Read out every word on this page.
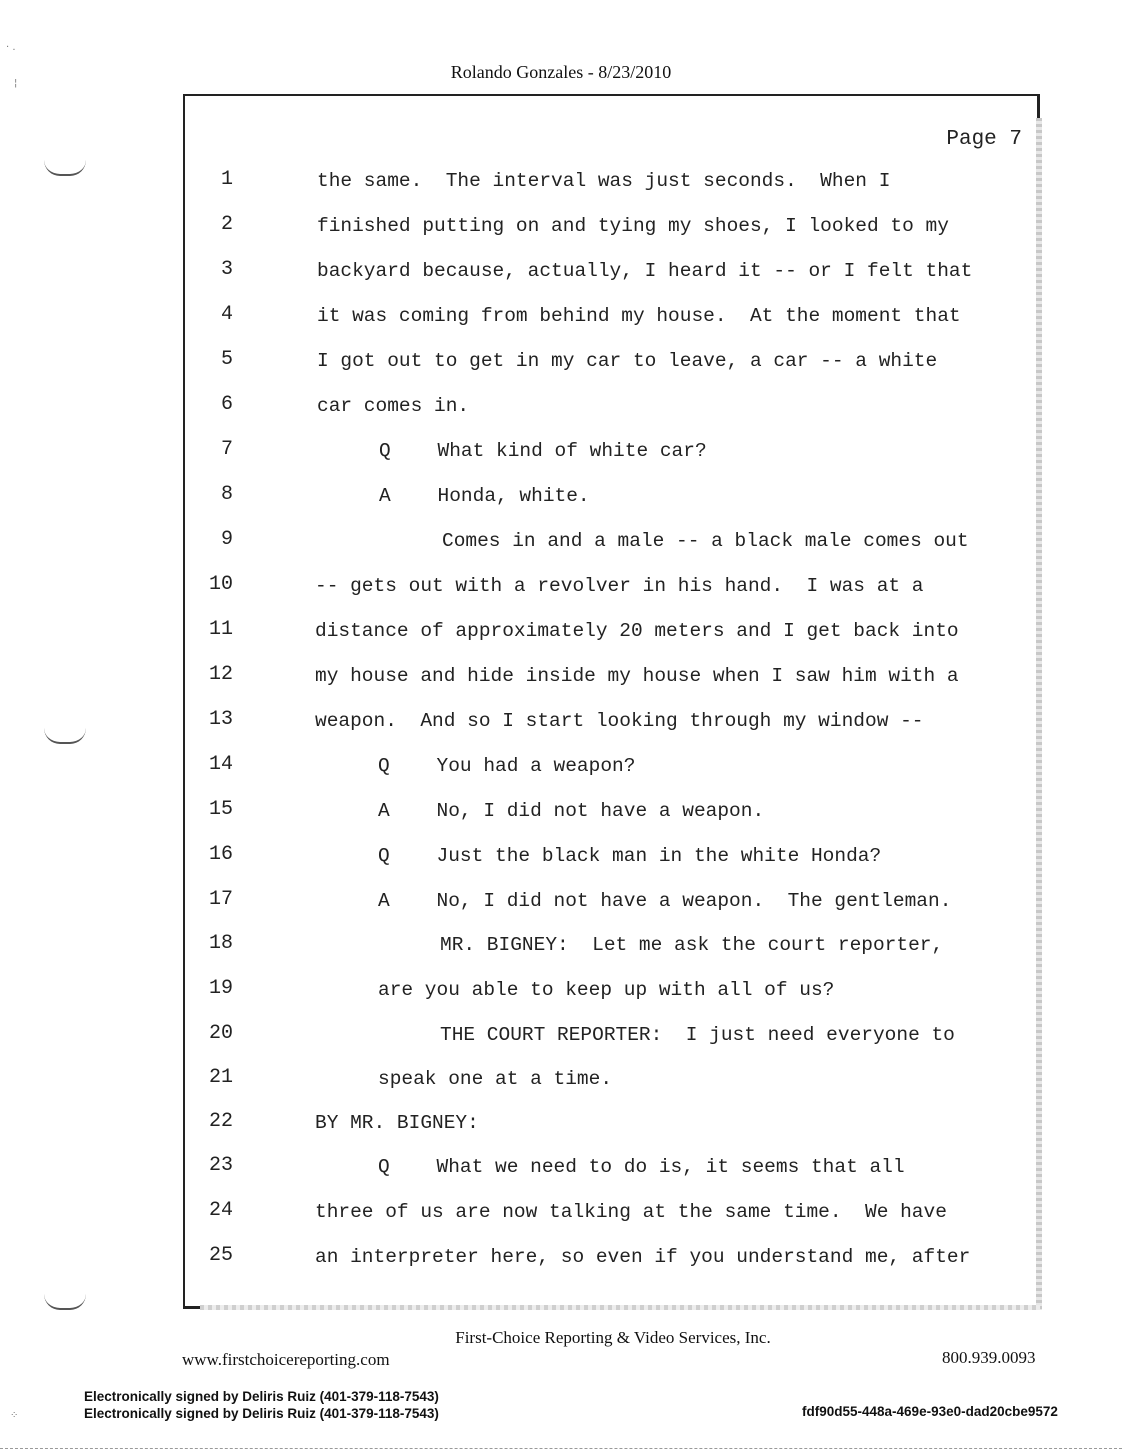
· .
¦
⁘
Rolando Gonzales - 8/23/2010
Page 7
1
2
3
4
5
6
7
8
9
10
11
12
13
14
15
16
17
18
19
20
21
22
23
24
25
the same.  The interval was just seconds.  When I
finished putting on and tying my shoes, I looked to my
backyard because, actually, I heard it -- or I felt that
it was coming from behind my house.  At the moment that
I got out to get in my car to leave, a car -- a white
car comes in.
Q    What kind of white car?
A    Honda, white.
Comes in and a male -- a black male comes out
-- gets out with a revolver in his hand.  I was at a
distance of approximately 20 meters and I get back into
my house and hide inside my house when I saw him with a
weapon.  And so I start looking through my window --
Q    You had a weapon?
A    No, I did not have a weapon.
Q    Just the black man in the white Honda?
A    No, I did not have a weapon.  The gentleman.
MR. BIGNEY:  Let me ask the court reporter,
are you able to keep up with all of us?
THE COURT REPORTER:  I just need everyone to
speak one at a time.
BY MR. BIGNEY:
Q    What we need to do is, it seems that all
three of us are now talking at the same time.  We have
an interpreter here, so even if you understand me, after
First-Choice Reporting & Video Services, Inc.
www.firstchoicereporting.com	800.939.0093
Electronically signed by Deliris Ruiz (401-379-118-7543)
Electronically signed by Deliris Ruiz (401-379-118-7543)	fdf90d55-448a-469e-93e0-dad20cbe9572
